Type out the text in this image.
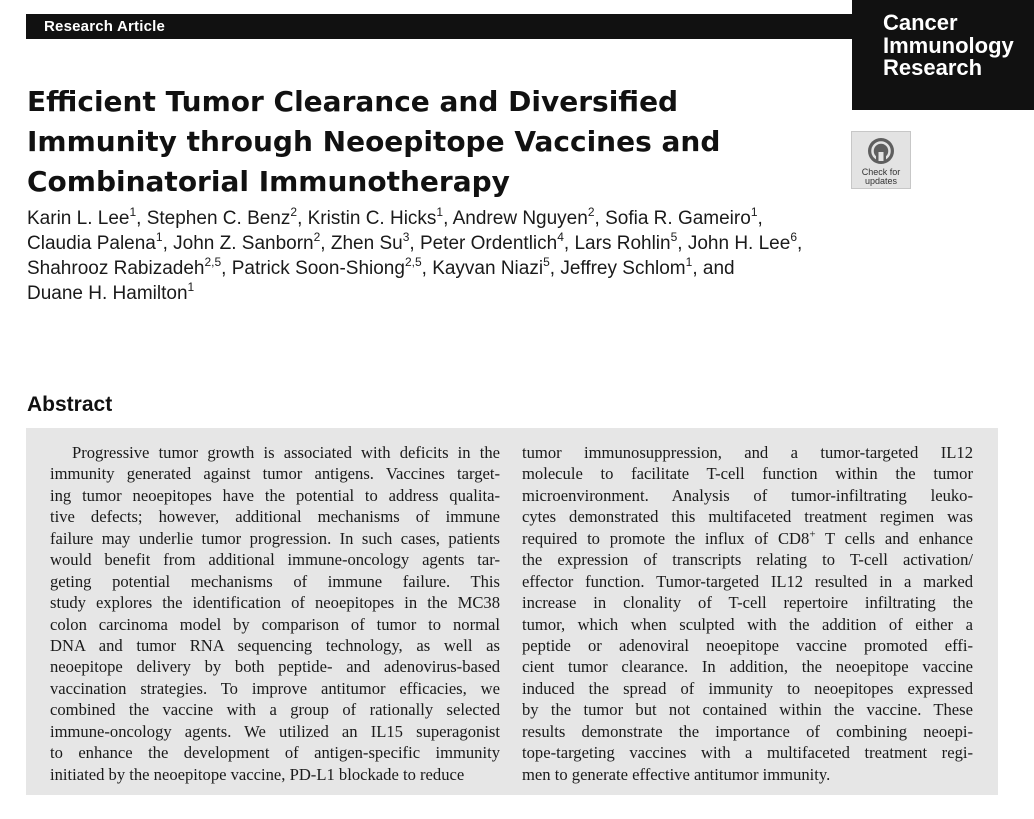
Research Article	Cancer
Immunology
Research
Efficient Tumor Clearance and Diversified
Immunity through Neoepitope Vaccines and
Combinatorial Immunotherapy	Check for
updates
Karin L. Lee$^1$, Stephen C. Benz$^2$, Kristin C. Hicks$^1$, Andrew Nguyen$^2$, Sofia R. Gameiro$^1$,
Claudia Palena$^1$, John Z. Sanborn$^2$, Zhen Su$^3$, Peter Ordentlich$^4$, Lars Rohlin$^5$, John H. Lee$^6$,
Shahrooz Rabizadeh$^{2,5}$, Patrick Soon-Shiong$^{2,5}$, Kayvan Niazi$^5$, Jeffrey Schlom$^1$, and
Duane H. Hamilton$^1$
Abstract
Progressive tumor growth is associated with deficits in the
immunity generated against tumor antigens. Vaccines target-
ing tumor neoepitopes have the potential to address qualita-
tive defects; however, additional mechanisms of immune
failure may underlie tumor progression. In such cases, patients
would benefit from additional immune-oncology agents tar-
geting potential mechanisms of immune failure. This
study explores the identification of neoepitopes in the MC38
colon carcinoma model by comparison of tumor to normal
DNA and tumor RNA sequencing technology, as well as
neoepitope delivery by both peptide- and adenovirus-based
vaccination strategies. To improve antitumor efficacies, we
combined the vaccine with a group of rationally selected
immune-oncology agents. We utilized an IL15 superagonist
to enhance the development of antigen-specific immunity
initiated by the neoepitope vaccine, PD-L1 blockade to reduce
tumor immunosuppression, and a tumor-targeted IL12
molecule to facilitate T-cell function within the tumor
microenvironment. Analysis of tumor-infiltrating leuko-
cytes demonstrated this multifaceted treatment regimen was
required to promote the influx of CD8+ T cells and enhance
the expression of transcripts relating to T-cell activation/
effector function. Tumor-targeted IL12 resulted in a marked
increase in clonality of T-cell repertoire infiltrating the
tumor, which when sculpted with the addition of either a
peptide or adenoviral neoepitope vaccine promoted effi-
cient tumor clearance. In addition, the neoepitope vaccine
induced the spread of immunity to neoepitopes expressed
by the tumor but not contained within the vaccine. These
results demonstrate the importance of combining neoepi-
tope-targeting vaccines with a multifaceted treatment regi-
men to generate effective antitumor immunity.
